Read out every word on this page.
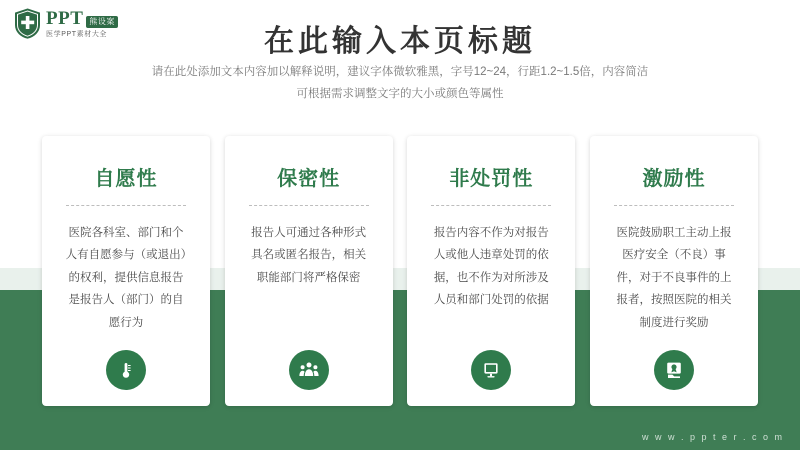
PPT 熊设案
医学PPT素材大全	在此输入本页标题
请在此处添加文本内容加以解释说明，建议字体微软雅黑，字号12~24，行距1.2~1.5倍，内容简洁
可根据需求调整文字的大小或颜色等属性
自愿性
医院各科室、部门和个人有自愿参与（或退出）的权利，提供信息报告是报告人（部门）的自愿行为
保密性
报告人可通过各种形式具名或匿名报告，相关职能部门将严格保密
非处罚性
报告内容不作为对报告人或他人违章处罚的依据，也不作为对所涉及人员和部门处罚的依据
激励性
医院鼓励职工主动上报医疗安全（不良）事件，对于不良事件的上报者，按照医院的相关制度进行奖励
w w w . p p t e r . c o m
